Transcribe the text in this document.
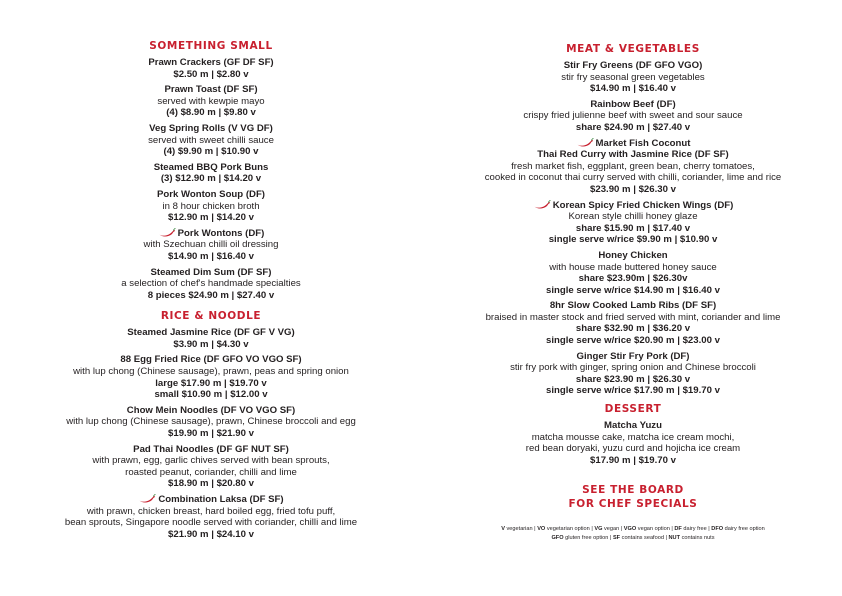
SOMETHING SMALL
Prawn Crackers (GF DF SF)
$2.50 m | $2.80 v
Prawn Toast (DF SF)
served with kewpie mayo
(4) $8.90 m | $9.80 v
Veg Spring Rolls (V VG DF)
served with sweet chilli sauce
(4) $9.90 m | $10.90 v
Steamed BBQ Pork Buns
(3) $12.90 m | $14.20 v
Pork Wonton Soup (DF)
in 8 hour chicken broth
$12.90 m | $14.20 v
Pork Wontons (DF)
with Szechuan chilli oil dressing
$14.90 m | $16.40 v
Steamed Dim Sum (DF SF)
a selection of chef's handmade specialties
8 pieces $24.90 m | $27.40 v
RICE & NOODLE
Steamed Jasmine Rice (DF GF V VG)
$3.90 m | $4.30 v
88 Egg Fried Rice (DF GFO VO VGO SF)
with lup chong (Chinese sausage), prawn, peas and spring onion
large $17.90 m | $19.70 v
small $10.90 m | $12.00 v
Chow Mein Noodles (DF VO VGO SF)
with lup chong (Chinese sausage), prawn, Chinese broccoli and egg
$19.90 m | $21.90 v
Pad Thai Noodles (DF GF NUT SF)
with prawn, egg, garlic chives served with bean sprouts,
roasted peanut, coriander, chilli and lime
$18.90 m | $20.80 v
Combination Laksa (DF SF)
with prawn, chicken breast, hard boiled egg, fried tofu puff,
bean sprouts, Singapore noodle served with coriander, chilli and lime
$21.90 m | $24.10 v
MEAT & VEGETABLES
Stir Fry Greens (DF GFO VGO)
stir fry seasonal green vegetables
$14.90 m | $16.40 v
Rainbow Beef (DF)
crispy fried julienne beef with sweet and sour sauce
share $24.90 m | $27.40 v
Market Fish Coconut
Thai Red Curry with Jasmine Rice (DF SF)
fresh market fish, eggplant, green bean, cherry tomatoes,
cooked in coconut thai curry served with chilli, coriander, lime and rice
$23.90 m | $26.30 v
Korean Spicy Fried Chicken Wings (DF)
Korean style chilli honey glaze
share $15.90 m | $17.40 v
single serve w/rice $9.90 m | $10.90 v
Honey Chicken
with house made buttered honey sauce
share $23.90m | $26.30v
single serve w/rice $14.90 m | $16.40 v
8hr Slow Cooked Lamb Ribs (DF SF)
braised in master stock and fried served with mint, coriander and lime
share $32.90 m | $36.20 v
single serve w/rice $20.90 m | $23.00 v
Ginger Stir Fry Pork (DF)
stir fry pork with ginger, spring onion and Chinese broccoli
share $23.90 m | $26.30 v
single serve w/rice $17.90 m | $19.70 v
DESSERT
Matcha Yuzu
matcha mousse cake, matcha ice cream mochi,
red bean doryaki, yuzu curd and hojicha ice cream
$17.90 m | $19.70 v
SEE THE BOARD
FOR CHEF SPECIALS
V vegetarian | VO vegetarian option | VG vegan | VGO vegan option | DF dairy free | DFO dairy free option
GFO gluten free option | SF contains seafood | NUT contains nuts
